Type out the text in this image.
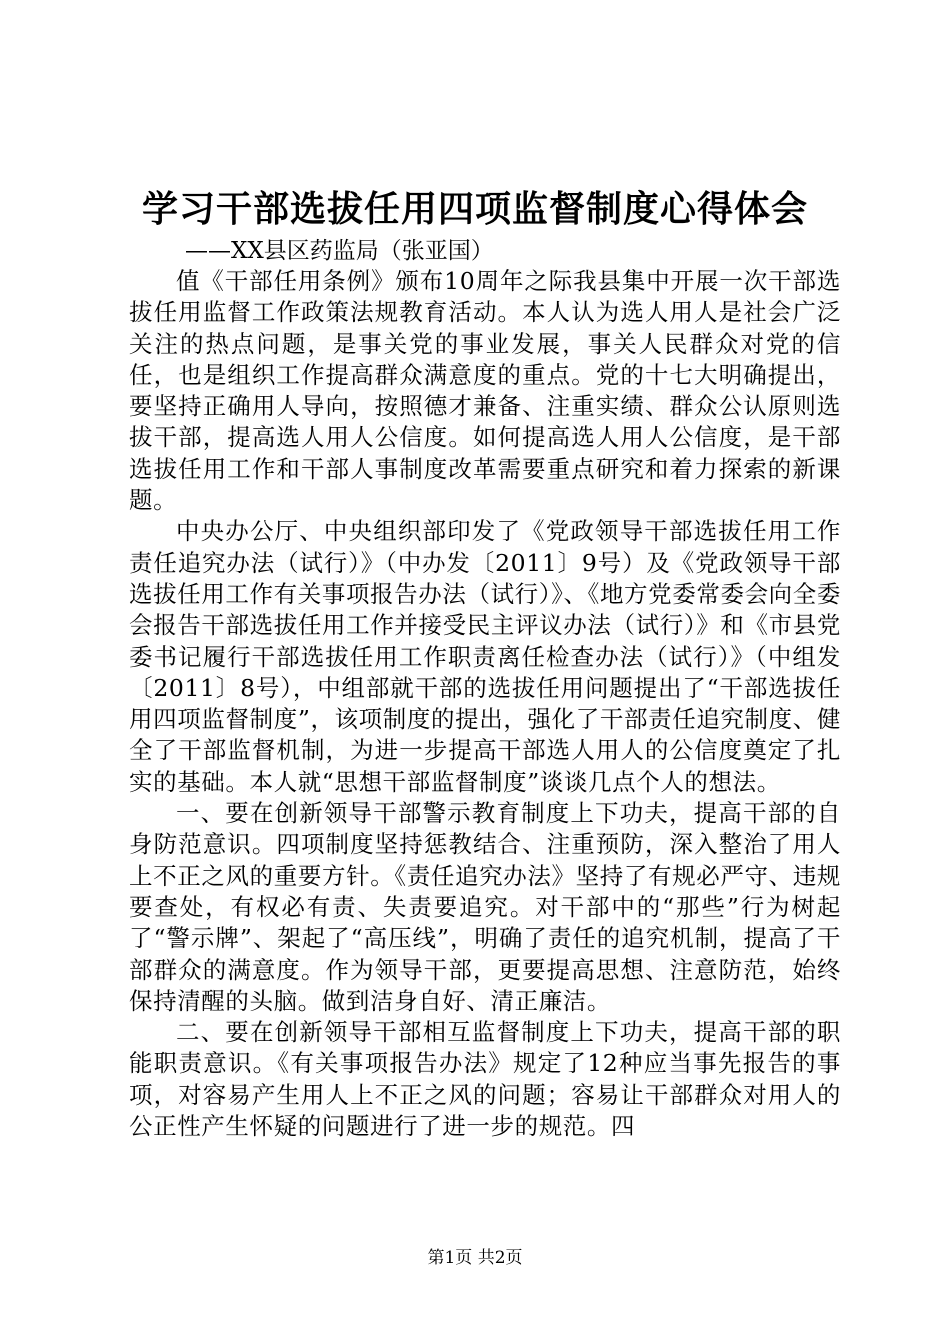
学习干部选拔任用四项监督制度心得体会
——XX县区药监局（张亚国）

值《干部任用条例》颁布10周年之际我县集中开展一次干部选拔任用监督工作政策法规教育活动。本人认为选人用人是社会广泛关注的热点问题，是事关党的事业发展，事关人民群众对党的信任，也是组织工作提高群众满意度的重点。党的十七大明确提出，要坚持正确用人导向，按照德才兼备、注重实绩、群众公认原则选拔干部，提高选人用人公信度。如何提高选人用人公信度，是干部选拔任用工作和干部人事制度改革需要重点研究和着力探索的新课题。

中央办公厅、中央组织部印发了《党政领导干部选拔任用工作责任追究办法（试行）》（中办发〔2011〕9号）及《党政领导干部选拔任用工作有关事项报告办法（试行）》、《地方党委常委会向全委会报告干部选拔任用工作并接受民主评议办法（试行）》和《市县党委书记履行干部选拔任用工作职责离任检查办法（试行）》（中组发〔2011〕8号），中组部就干部的选拔任用问题提出了“干部选拔任用四项监督制度”，该项制度的提出，强化了干部责任追究制度、健全了干部监督机制，为进一步提高干部选人用人的公信度奠定了扎实的基础。本人就“思想干部监督制度”谈谈几点个人的想法。

一、要在创新领导干部警示教育制度上下功夫，提高干部的自身防范意识。四项制度坚持惩教结合、注重预防，深入整治了用人上不正之风的重要方针。《责任追究办法》坚持了有规必严守、违规要查处，有权必有责、失责要追究。对干部中的“那些”行为树起了“警示牌”、架起了“高压线”，明确了责任的追究机制，提高了干部群众的满意度。作为领导干部，更要提高思想、注意防范，始终保持清醒的头脑。做到洁身自好、清正廉洁。

二、要在创新领导干部相互监督制度上下功夫，提高干部的职能职责意识。《有关事项报告办法》规定了12种应当事先报告的事项，对容易产生用人上不正之风的问题；容易让干部群众对用人的公正性产生怀疑的问题进行了进一步的规范。四

第1页 共2页
